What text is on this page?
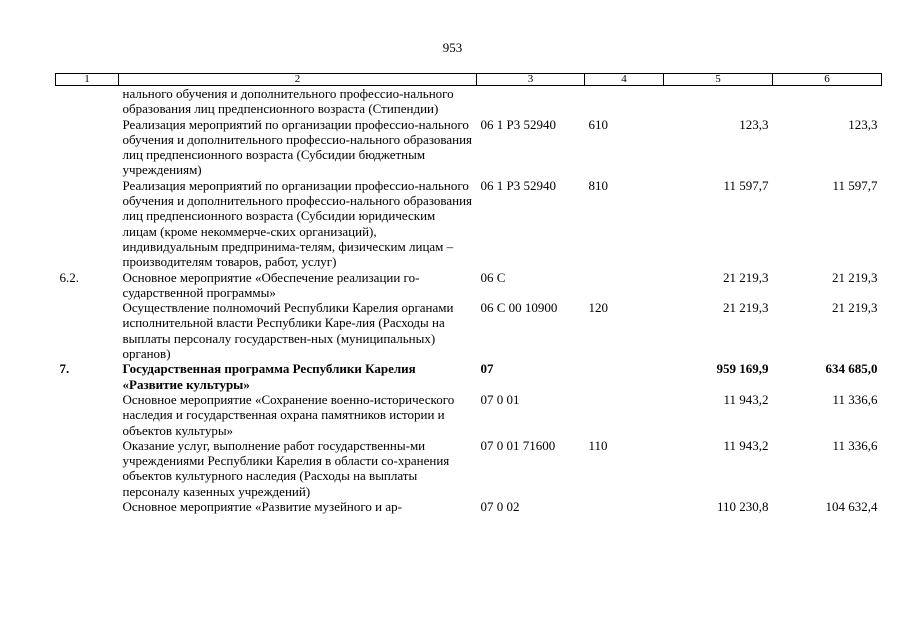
953
1	2	3	4	5	6
	нального обучения и дополнительного профессио-нального образования лиц предпенсионного возраста (Стипендии)				
	Реализация мероприятий по организации профессио-нального обучения и дополнительного профессио-нального образования лиц предпенсионного возраста (Субсидии бюджетным учреждениям)	06 1 P3 52940	610	123,3	123,3
	Реализация мероприятий по организации профессио-нального обучения и дополнительного профессио-нального образования лиц предпенсионного возраста (Субсидии юридическим лицам (кроме некоммерче-ских организаций), индивидуальным предпринима-телям, физическим лицам – производителям товаров, работ, услуг)	06 1 P3 52940	810	11 597,7	11 597,7
6.2.	Основное мероприятие «Обеспечение реализации го-сударственной программы»	06 C		21 219,3	21 219,3
	Осуществление полномочий Республики Карелия органами исполнительной власти Республики Каре-лия (Расходы на выплаты персоналу государствен-ных (муниципальных) органов)	06 C 00 10900	120	21 219,3	21 219,3
7.	Государственная программа Республики Карелия «Развитие культуры»	07		959 169,9	634 685,0
	Основное мероприятие «Сохранение военно-исторического наследия и государственная охрана памятников истории и объектов культуры»	07 0 01		11 943,2	11 336,6
	Оказание услуг, выполнение работ государственны-ми учреждениями Республики Карелия в области со-хранения объектов культурного наследия (Расходы на выплаты персоналу казенных учреждений)	07 0 01 71600	110	11 943,2	11 336,6
	Основное мероприятие «Развитие музейного и ар-	07 0 02		110 230,8	104 632,4
